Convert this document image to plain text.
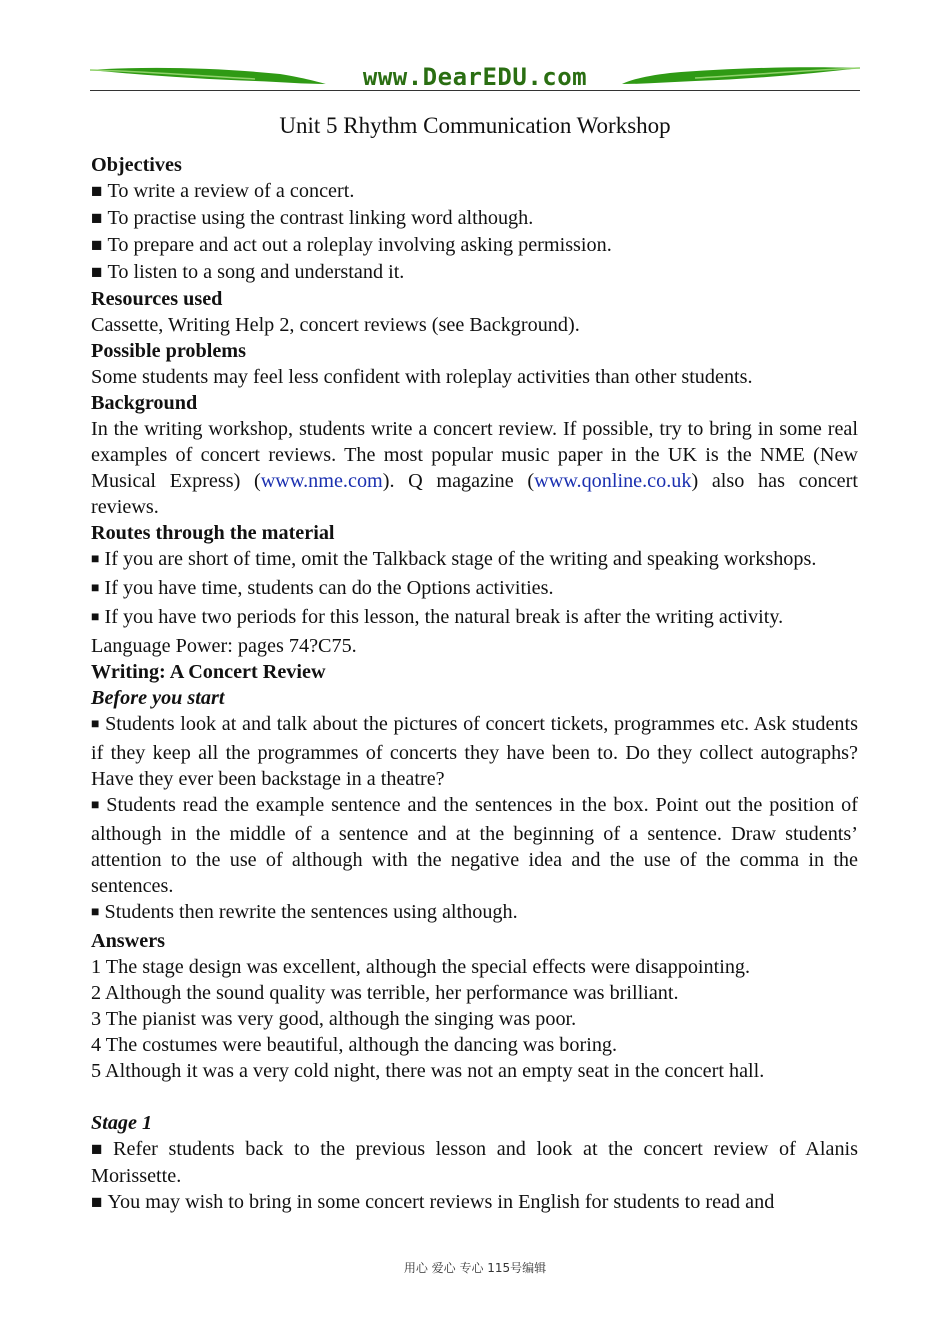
www.DearEDU.com
Unit 5 Rhythm Communication Workshop

Objectives

■ To write a review of a concert.

■ To practise using the contrast linking word although.

■ To prepare and act out a roleplay involving asking permission.

■ To listen to a song and understand it.

Resources used

Cassette, Writing Help 2, concert reviews (see Background).

Possible problems

Some students may feel less confident with roleplay activities than other students.

Background

In the writing workshop, students write a concert review. If possible, try to bring in some real examples of concert reviews. The most popular music paper in the UK is the NME (New Musical Express) (www.nme.com). Q magazine (www.qonline.co.uk) also has concert reviews.

Routes through the material

■ If you are short of time, omit the Talkback stage of the writing and speaking workshops.

■ If you have time, students can do the Options activities.

■ If you have two periods for this lesson, the natural break is after the writing activity.

Language Power: pages 74?C75.

Writing: A Concert Review

Before you start

■ Students look at and talk about the pictures of concert tickets, programmes etc. Ask students if they keep all the programmes of concerts they have been to. Do they collect autographs? Have they ever been backstage in a theatre?

■ Students read the example sentence and the sentences in the box. Point out the position of although in the middle of a sentence and at the beginning of a sentence. Draw students’ attention to the use of although with the negative idea and the use of the comma in the sentences.

■ Students then rewrite the sentences using although.

Answers

1 The stage design was excellent, although the special effects were disappointing.

2 Although the sound quality was terrible, her performance was brilliant.

3 The pianist was very good, although the singing was poor.

4 The costumes were beautiful, although the dancing was boring.

5 Although it was a very cold night, there was not an empty seat in the concert hall.

Stage 1

■ Refer students back to the previous lesson and look at the concert review of Alanis Morissette.

■ You may wish to bring in some concert reviews in English for students to read and

用心 爱心 专心 115号编辑
